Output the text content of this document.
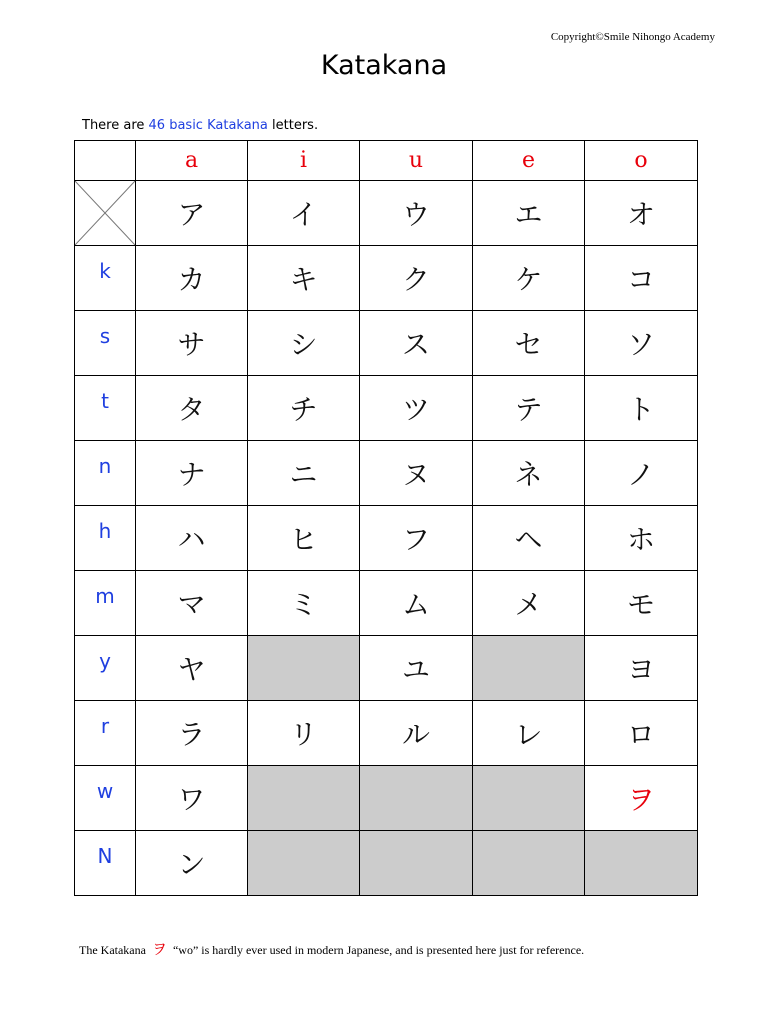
Copyright©Smile Nihongo Academy
Katakana
There are 46 basic Katakana letters.
	a	i	u	e	o

	ア	イ	ウ	エ	オ
k	カ	キ	ク	ケ	コ
s	サ	シ	ス	セ	ソ
t	タ	チ	ツ	テ	ト
n	ナ	ニ	ヌ	ネ	ノ
h	ハ	ヒ	フ	ヘ	ホ
m	マ	ミ	ム	メ	モ
y	ヤ		ユ		ヨ
r	ラ	リ	ル	レ	ロ
w	ワ				ヲ
N	ン				
The Katakana ヲ “wo” is hardly ever used in modern Japanese, and is presented here just for reference.
